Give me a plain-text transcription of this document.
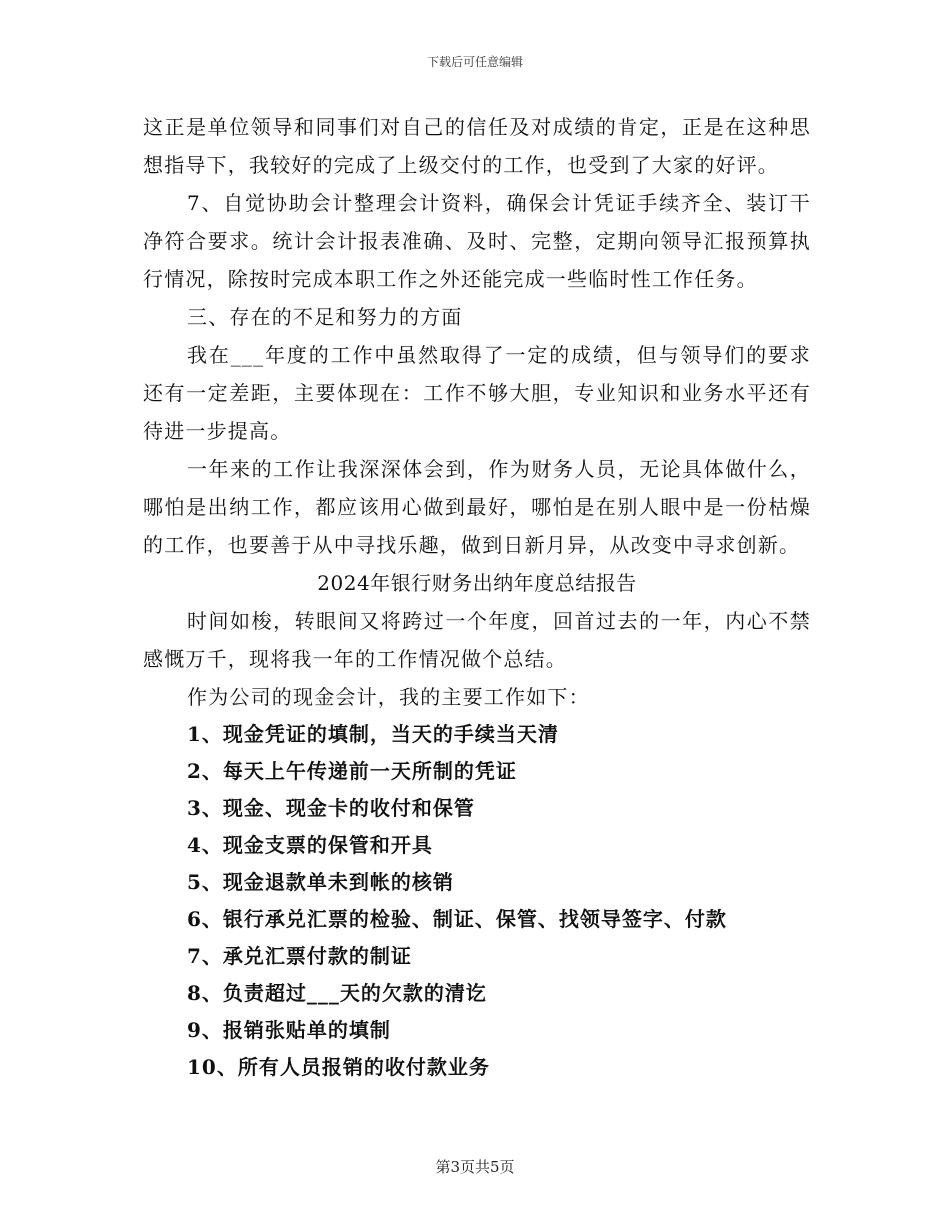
下载后可任意编辑

这正是单位领导和同事们对自己的信任及对成绩的肯定，正是在这种思想指导下，我较好的完成了上级交付的工作，也受到了大家的好评。

7、自觉协助会计整理会计资料，确保会计凭证手续齐全、装订干净符合要求。统计会计报表准确、及时、完整，定期向领导汇报预算执行情况，除按时完成本职工作之外还能完成一些临时性工作任务。

三、存在的不足和努力的方面

我在___年度的工作中虽然取得了一定的成绩，但与领导们的要求还有一定差距，主要体现在：工作不够大胆，专业知识和业务水平还有待进一步提高。

一年来的工作让我深深体会到，作为财务人员，无论具体做什么，哪怕是出纳工作，都应该用心做到最好，哪怕是在别人眼中是一份枯燥的工作，也要善于从中寻找乐趣，做到日新月异，从改变中寻求创新。

2024年银行财务出纳年度总结报告

时间如梭，转眼间又将跨过一个年度，回首过去的一年，内心不禁感慨万千，现将我一年的工作情况做个总结。

作为公司的现金会计，我的主要工作如下：

1、现金凭证的填制，当天的手续当天清

2、每天上午传递前一天所制的凭证

3、现金、现金卡的收付和保管

4、现金支票的保管和开具

5、现金退款单未到帐的核销

6、银行承兑汇票的检验、制证、保管、找领导签字、付款

7、承兑汇票付款的制证

8、负责超过___天的欠款的清讫

9、报销张贴单的填制

10、所有人员报销的收付款业务

第3页共5页
